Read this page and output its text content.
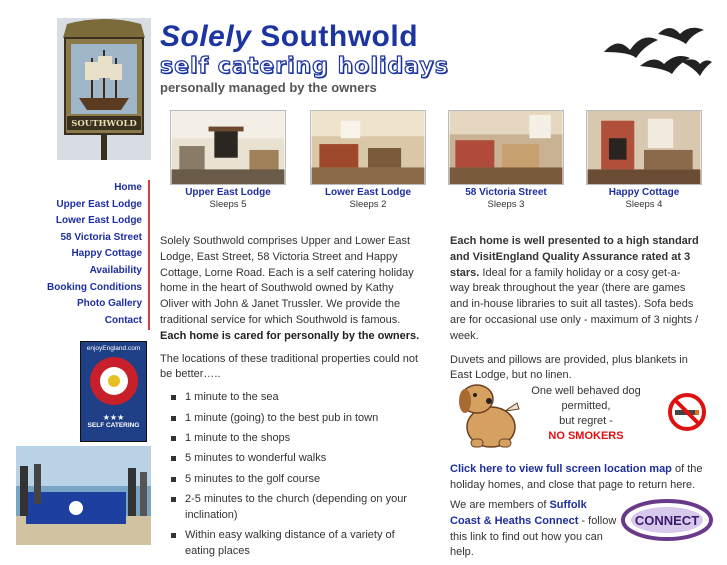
SOUTHWOLD
Solely Southwold
self catering holidays
personally managed by the owners
Upper East Lodge
Sleeps 5
Lower East Lodge
Sleeps 2
58 Victoria Street
Sleeps 3
Happy Cottage
Sleeps 4
Home
Upper East Lodge
Lower East Lodge
58 Victoria Street
Happy Cottage
Availability
Booking Conditions
Photo Gallery
Contact
enjoyEngland.com
★★★
SELF CATERING

Solely Southwold comprises Upper and Lower East Lodge, East Street, 58 Victoria Street and Happy Cottage, Lorne Road. Each is a self catering holiday home in the heart of Southwold owned by Kathy Oliver with John & Janet Trussler. We provide the traditional service for which Southwold is famous. Each home is cared for personally by the owners.

The locations of these traditional properties could not be better…..

1 minute to the sea
1 minute (going) to the best pub in town
1 minute to the shops
5 minutes to wonderful walks
5 minutes to the golf course
2-5 minutes to the church (depending on your inclination)
Within easy walking distance of a variety of eating places

Each home is well presented to a high standard and VisitEngland Quality Assurance rated at 3 stars. Ideal for a family holiday or a cosy get-a-way break throughout the year (there are games and in-house libraries to suit all tastes). Sofa beds are for occasional use only - maximum of 3 nights / week.

Duvets and pillows are provided, plus blankets in East Lodge, but no linen.

One well behaved dog permitted,
but regret -
NO SMOKERS
Click here to view full screen location map of the holiday homes, and close that page to return here.
We are members of Suffolk Coast & Heaths Connect - follow this link to find out how you can help.
CONNECT
